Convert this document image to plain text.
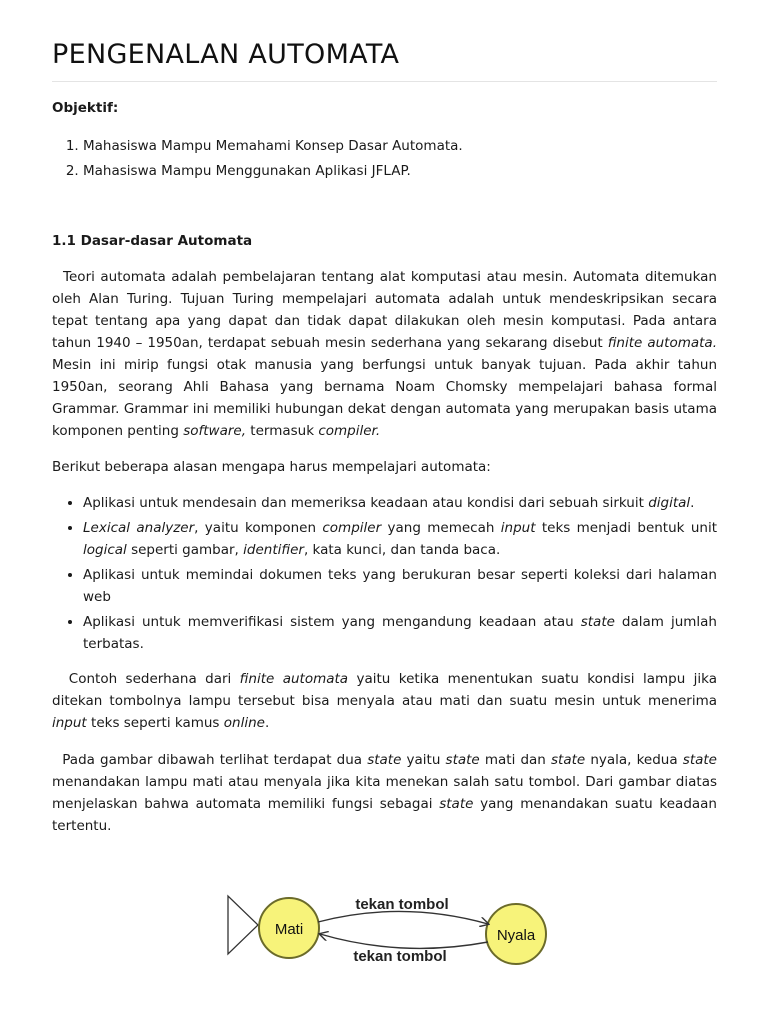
PENGENALAN AUTOMATA
Objektif:
1. Mahasiswa Mampu Memahami Konsep Dasar Automata.
2. Mahasiswa Mampu Menggunakan Aplikasi JFLAP.
1.1 Dasar-dasar Automata

Teori automata adalah pembelajaran tentang alat komputasi atau mesin. Automata ditemukan oleh Alan Turing. Tujuan Turing mempelajari automata adalah untuk mendeskripsikan secara tepat tentang apa yang dapat dan tidak dapat dilakukan oleh mesin komputasi. Pada antara tahun 1940 – 1950an, terdapat sebuah mesin sederhana yang sekarang disebut finite automata. Mesin ini mirip fungsi otak manusia yang berfungsi untuk banyak tujuan. Pada akhir tahun 1950an, seorang Ahli Bahasa yang bernama Noam Chomsky mempelajari bahasa formal Grammar. Grammar ini memiliki hubungan dekat dengan automata yang merupakan basis utama komponen penting software, termasuk compiler.

Berikut beberapa alasan mengapa harus mempelajari automata:

• Aplikasi untuk mendesain dan memeriksa keadaan atau kondisi dari sebuah sirkuit digital.
• Lexical analyzer, yaitu komponen compiler yang memecah input teks menjadi bentuk unit logical seperti gambar, identifier, kata kunci, dan tanda baca.
• Aplikasi untuk memindai dokumen teks yang berukuran besar seperti koleksi dari halaman web
• Aplikasi untuk memverifikasi sistem yang mengandung keadaan atau state dalam jumlah terbatas.

Contoh sederhana dari finite automata yaitu ketika menentukan suatu kondisi lampu jika ditekan tombolnya lampu tersebut bisa menyala atau mati dan suatu mesin untuk menerima input teks seperti kamus online.

Pada gambar dibawah terlihat terdapat dua state yaitu state mati dan state nyala, kedua state menandakan lampu mati atau menyala jika kita menekan salah satu tombol. Dari gambar diatas menjelaskan bahwa automata memiliki fungsi sebagai state yang menandakan suatu keadaan tertentu.

Mati	Nyala
tekan tombol
tekan tombol
